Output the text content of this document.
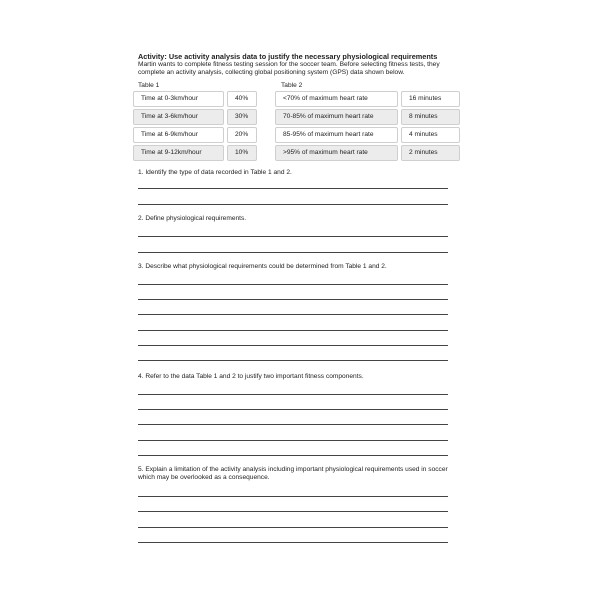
Activity: Use activity analysis data to justify the necessary physiological requirements
Martin wants to complete fitness testing session for the soccer team. Before selecting fitness tests, they complete an activity analysis, collecting global positioning system (GPS) data shown below.
Table 1
Time at 0-3km/hour	40%
Time at 3-6km/hour	30%
Time at 6-9km/hour	20%
Time at 9-12km/hour	10%
Table 2
<70% of maximum heart rate	16 minutes
70-85% of maximum heart rate	8 minutes
85-95% of maximum heart rate	4 minutes
>95% of maximum heart rate	2 minutes
1. Identify the type of data recorded in Table 1 and 2.
2. Define physiological requirements.
3. Describe what physiological requirements could be determined from Table 1 and 2.
4. Refer to the data Table 1 and 2 to justify two important fitness components.
5. Explain a limitation of the activity analysis including important physiological requirements used in soccer which may be overlooked as a consequence.
